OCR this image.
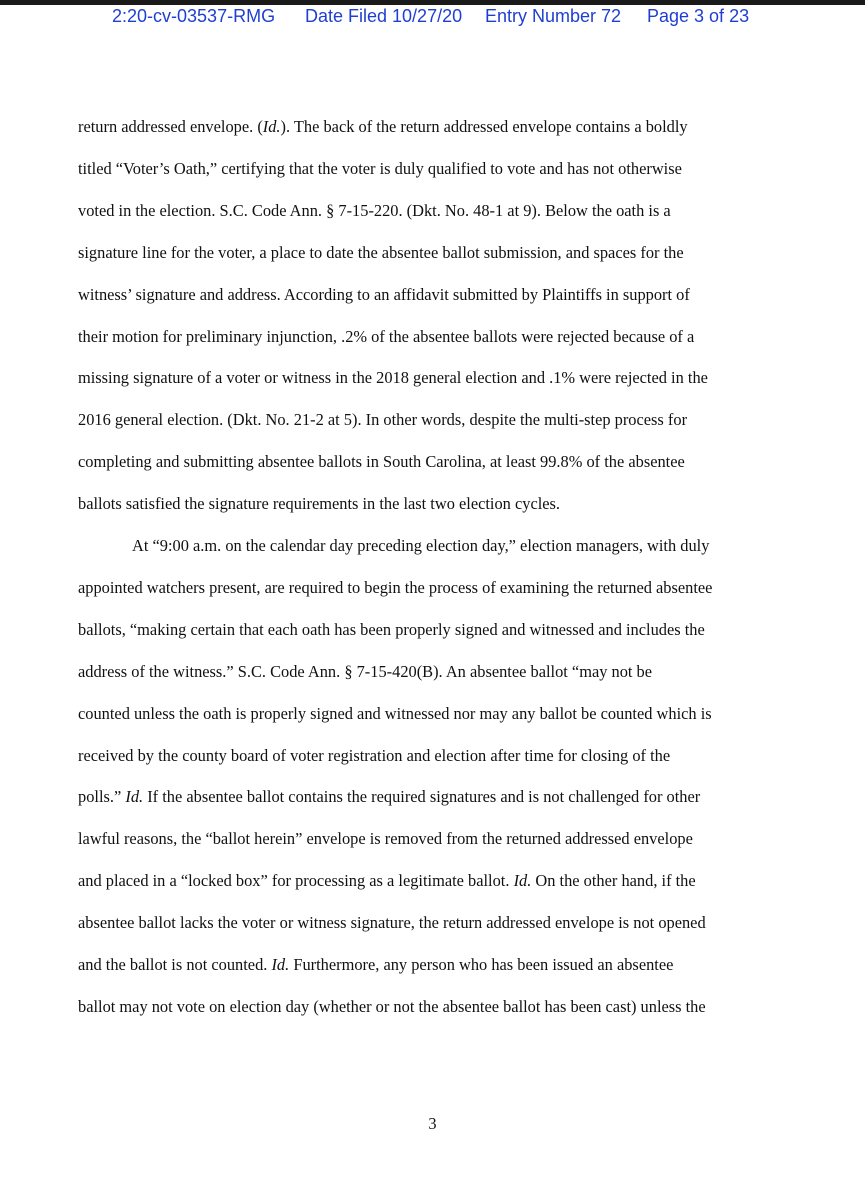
2:20-cv-03537-RMG Date Filed 10/27/20 Entry Number 72 Page 3 of 23
return addressed envelope. (Id.). The back of the return addressed envelope contains a boldly
titled “Voter’s Oath,” certifying that the voter is duly qualified to vote and has not otherwise
voted in the election. S.C. Code Ann. § 7-15-220. (Dkt. No. 48-1 at 9). Below the oath is a
signature line for the voter, a place to date the absentee ballot submission, and spaces for the
witness’ signature and address. According to an affidavit submitted by Plaintiffs in support of
their motion for preliminary injunction, .2% of the absentee ballots were rejected because of a
missing signature of a voter or witness in the 2018 general election and .1% were rejected in the
2016 general election. (Dkt. No. 21-2 at 5). In other words, despite the multi-step process for
completing and submitting absentee ballots in South Carolina, at least 99.8% of the absentee
ballots satisfied the signature requirements in the last two election cycles.
At “9:00 a.m. on the calendar day preceding election day,” election managers, with duly
appointed watchers present, are required to begin the process of examining the returned absentee
ballots, “making certain that each oath has been properly signed and witnessed and includes the
address of the witness.” S.C. Code Ann. § 7-15-420(B). An absentee ballot “may not be
counted unless the oath is properly signed and witnessed nor may any ballot be counted which is
received by the county board of voter registration and election after time for closing of the
polls.” Id. If the absentee ballot contains the required signatures and is not challenged for other
lawful reasons, the “ballot herein” envelope is removed from the returned addressed envelope
and placed in a “locked box” for processing as a legitimate ballot. Id. On the other hand, if the
absentee ballot lacks the voter or witness signature, the return addressed envelope is not opened
and the ballot is not counted. Id. Furthermore, any person who has been issued an absentee
ballot may not vote on election day (whether or not the absentee ballot has been cast) unless the
3
